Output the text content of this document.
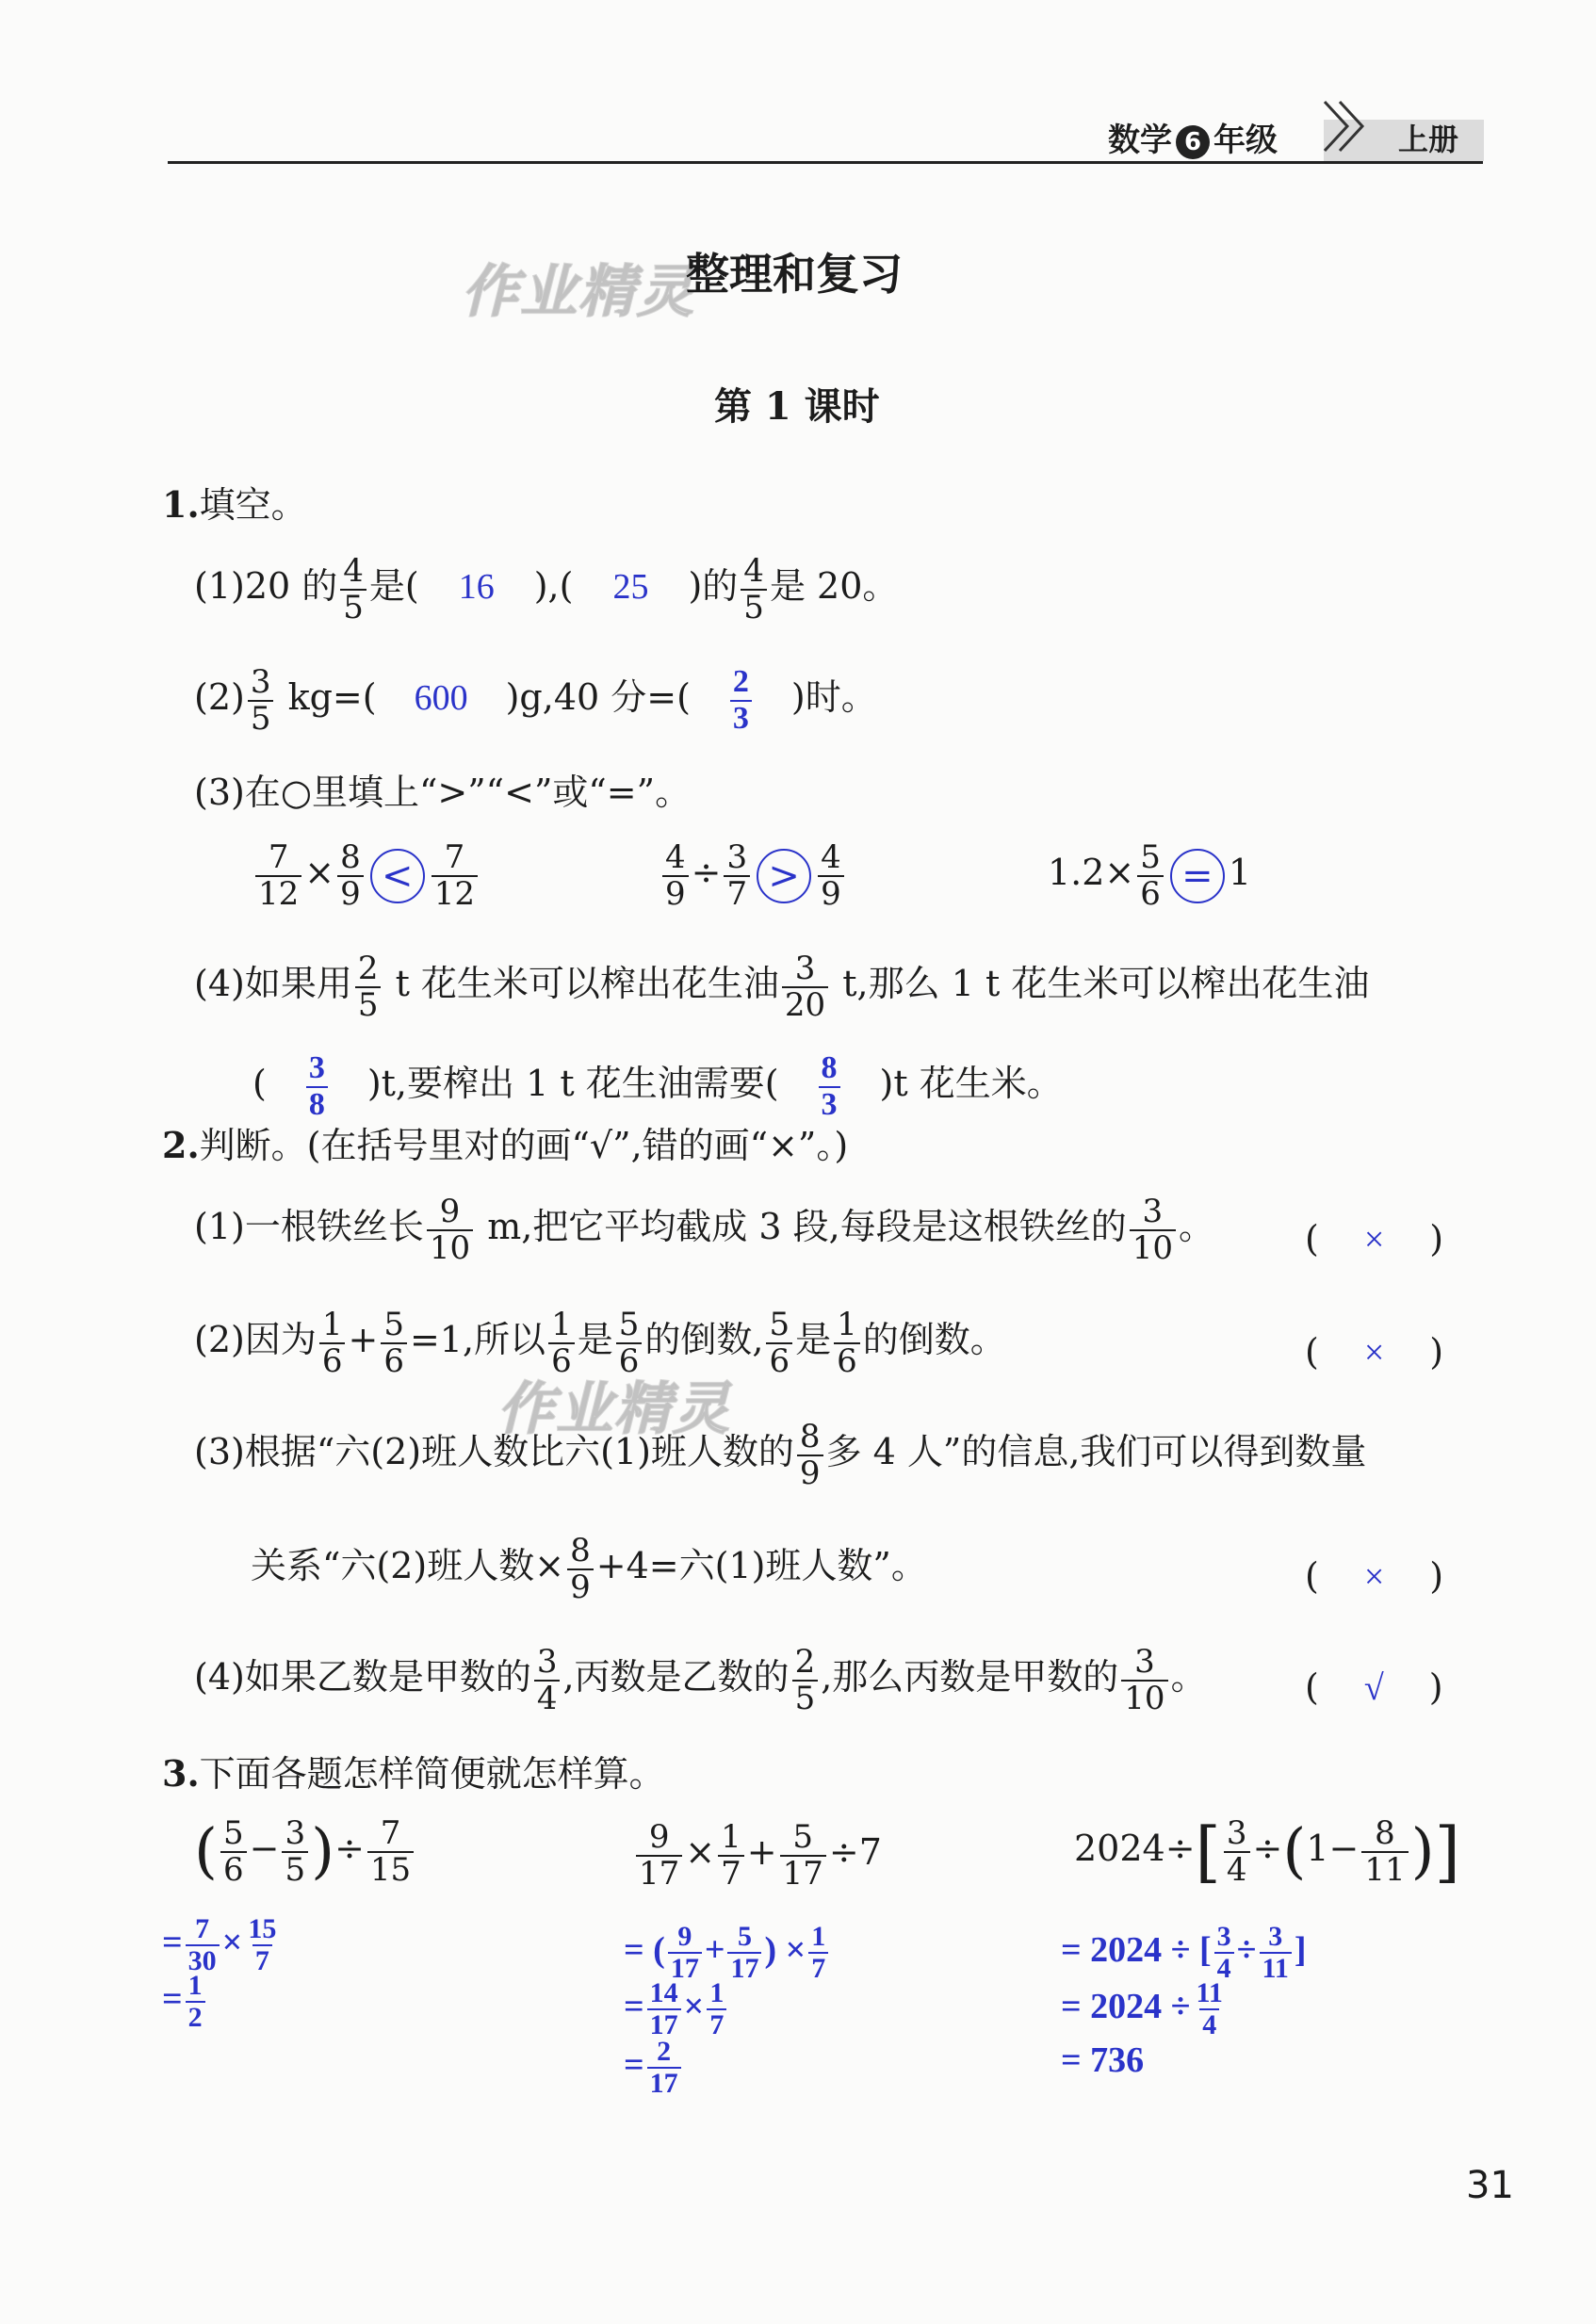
数学 6 年级	上册
作业精灵
作业精灵
整理和复习
第 1 课时
1.填空。
(1)20 的 $\frac{4}{5}$ 是( 16 ),( 25 )的 $\frac{4}{5}$ 是 20。
$(2) \frac{3}{5} kg=$( 600 )g,40 分=( $\frac{2}{3}$ )时。
(3)在○里填上“>”“<”或“=”。
$\frac{7}{12} \times \frac{8}{9} < \frac{7}{12}$	$\frac{4}{9} \div \frac{3}{7} > \frac{4}{9}$	$1.2\times \frac{5}{6} = 1$
(4)如果用 $\frac{2}{5}$ t 花生米可以榨出花生油 $\frac{3}{20} t$,那么 1 t 花生米可以榨出花生油
( $\frac{3}{8} )t$,要榨出 1 t 花生油需要( $\frac{8}{3} )t$ 花生米。
2.判断。(在括号里对的画“√”,错的画“×”。)
(1)一根铁丝长 $\frac{9}{10} m$,把它平均截成 3 段,每段是这根铁丝的 $\frac{3}{10}$ 。	( × )
(2)因为 $\frac{1}{6} + \frac{5}{6} =1$,所以 $\frac{1}{6}$ 是 $\frac{5}{6}$ 的倒数, $\frac{5}{6}$ 是 $\frac{1}{6}$ 的倒数。	( × )
(3)根据“六(2)班人数比六(1)班人数的 $\frac{8}{9}$ 多 4 人”的信息,我们可以得到数量
关系“六(2)班人数× $\frac{8}{9} +4=$六(1)班人数”。	( × )
(4)如果乙数是甲数的 $\frac{3}{4}$ ,丙数是乙数的 $\frac{2}{5}$ ,那么丙数是甲数的 $\frac{3}{10}$ 。	( √ )
3.下面各题怎样简便就怎样算。
( $\frac{5}{6} - \frac{3}{5}$ )÷ $\frac{7}{15}$
= $\frac{7}{30} \times \frac{15}{7}$
= $\frac{1}{2}$
$\frac{9}{17} \times \frac{1}{7} + \frac{5}{17} \div 7$
= ( $\frac{9}{17} + \frac{5}{17}$ ) × $\frac{1}{7}$
= $\frac{14}{17} \times \frac{1}{7}$
= $\frac{2}{17}$
$2024\div[ \frac{3}{4} \div(1- \frac{8}{11}$ )]
= 2024 ÷ [ $\frac{3}{4} \div \frac{3}{11}$ ]
= $2024 \div \frac{11}{4}$
= 736
31
